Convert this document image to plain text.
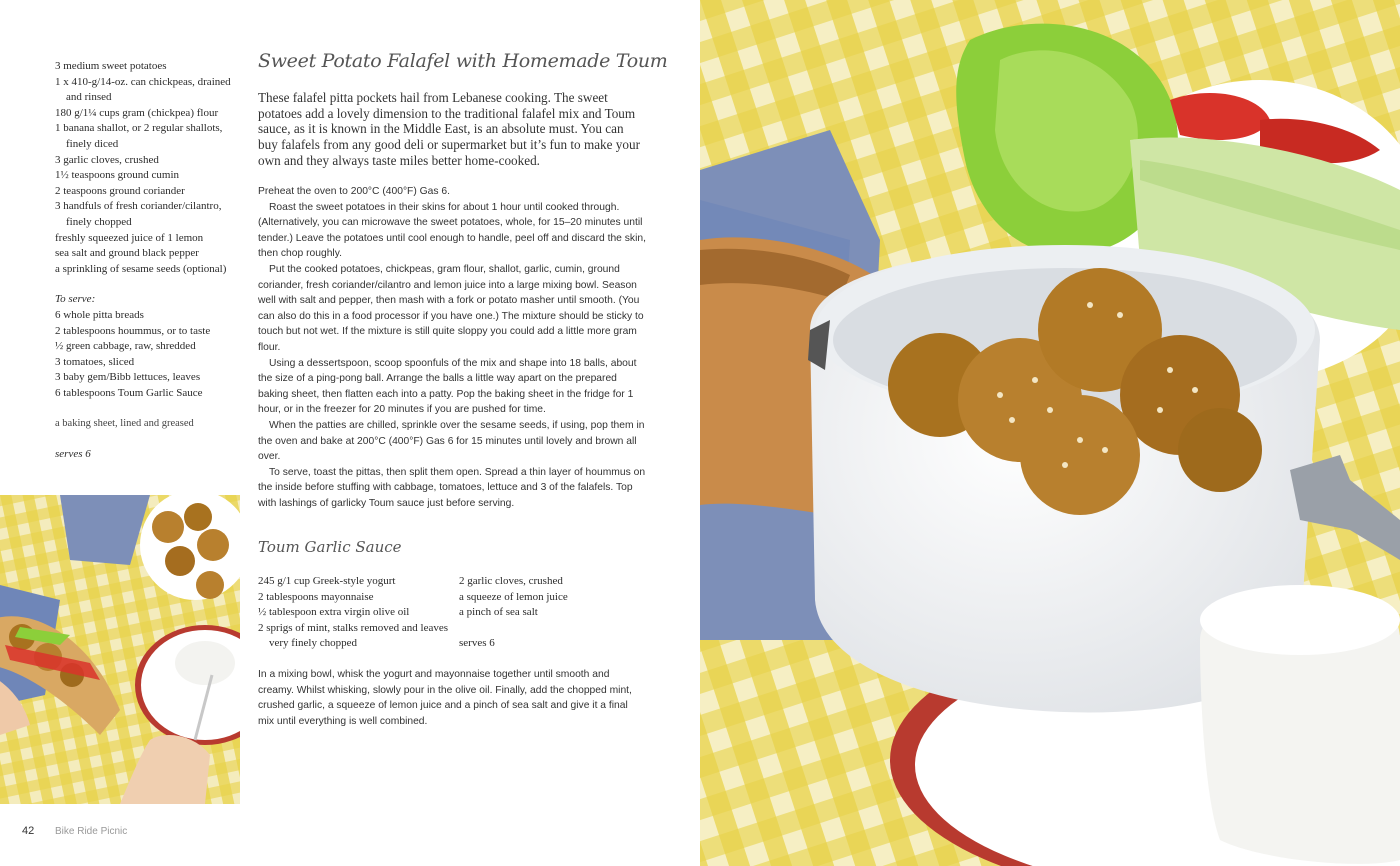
3 medium sweet potatoes
1 x 410-g/14-oz. can chickpeas, drained and rinsed
180 g/1¼ cups gram (chickpea) flour
1 banana shallot, or 2 regular shallots, finely diced
3 garlic cloves, crushed
1½ teaspoons ground cumin
2 teaspoons ground coriander
3 handfuls of fresh coriander/cilantro, finely chopped
freshly squeezed juice of 1 lemon
sea salt and ground black pepper
a sprinkling of sesame seeds (optional)
To serve:
6 whole pitta breads
2 tablespoons hoummus, or to taste
½ green cabbage, raw, shredded
3 tomatoes, sliced
3 baby gem/Bibb lettuces, leaves
6 tablespoons Toum Garlic Sauce
a baking sheet, lined and greased
serves 6
Sweet Potato Falafel with Homemade Toum
These falafel pitta pockets hail from Lebanese cooking. The sweet potatoes add a lovely dimension to the traditional falafel mix and Toum sauce, as it is known in the Middle East, is an absolute must. You can buy falafels from any good deli or supermarket but it’s fun to make your own and they always taste miles better home-cooked.

Preheat the oven to 200°C (400°F) Gas 6.

Roast the sweet potatoes in their skins for about 1 hour until cooked through. (Alternatively, you can microwave the sweet potatoes, whole, for 15–20 minutes until tender.) Leave the potatoes until cool enough to handle, peel off and discard the skin, then chop roughly.

Put the cooked potatoes, chickpeas, gram flour, shallot, garlic, cumin, ground coriander, fresh coriander/cilantro and lemon juice into a large mixing bowl. Season well with salt and pepper, then mash with a fork or potato masher until smooth. (You can also do this in a food processor if you have one.) The mixture should be sticky to touch but not wet. If the mixture is still quite sloppy you could add a little more gram flour.

Using a dessertspoon, scoop spoonfuls of the mix and shape into 18 balls, about the size of a ping-pong ball. Arrange the balls a little way apart on the prepared baking sheet, then flatten each into a patty. Pop the baking sheet in the fridge for 1 hour, or in the freezer for 20 minutes if you are pushed for time.

When the patties are chilled, sprinkle over the sesame seeds, if using, pop them in the oven and bake at 200°C (400°F) Gas 6 for 15 minutes until lovely and brown all over.

To serve, toast the pittas, then split them open. Spread a thin layer of hoummus on the inside before stuffing with cabbage, tomatoes, lettuce and 3 of the falafels. Top with lashings of garlicky Toum sauce just before serving.

Toum Garlic Sauce
245 g/1 cup Greek-style yogurt
2 tablespoons mayonnaise
½ tablespoon extra virgin olive oil
2 sprigs of mint, stalks removed and leaves very finely chopped
2 garlic cloves, crushed
a squeeze of lemon juice
a pinch of sea salt
serves 6
In a mixing bowl, whisk the yogurt and mayonnaise together until smooth and creamy. Whilst whisking, slowly pour in the olive oil. Finally, add the chopped mint, crushed garlic, a squeeze of lemon juice and a pinch of sea salt and give it a final mix until everything is well combined.
42 Bike Ride Picnic
